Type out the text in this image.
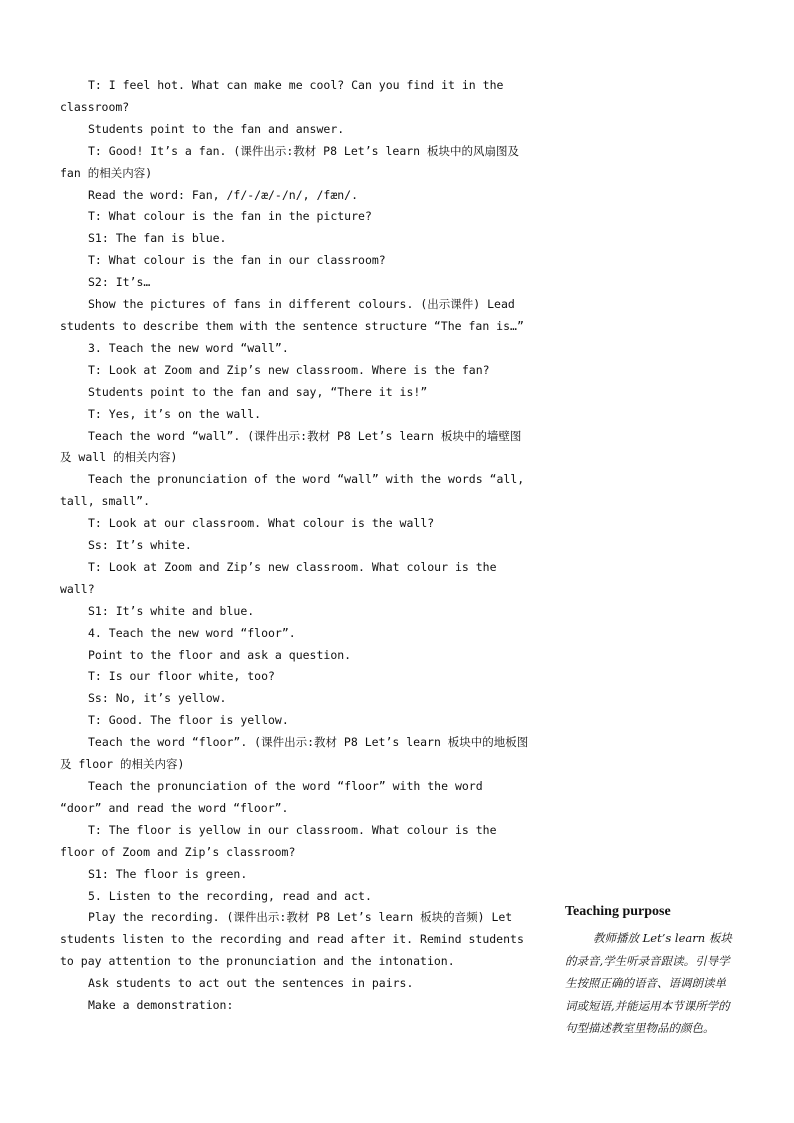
T: I feel hot. What can make me cool? Can you find it in the classroom?

Students point to the fan and answer.

T: Good! It’s a fan. (课件出示:教材 P8 Let’s learn 板块中的风扇图及 fan 的相关内容)

Read the word: Fan, /f/-/æ/-/n/, /fæn/.

T: What colour is the fan in the picture?

S1: The fan is blue.

T: What colour is the fan in our classroom?

S2: It’s…

Show the pictures of fans in different colours. (出示课件) Lead students to describe them with the sentence structure “The fan is…”

3. Teach the new word “wall”.

T: Look at Zoom and Zip’s new classroom. Where is the fan?

Students point to the fan and say, “There it is!”

T: Yes, it’s on the wall.

Teach the word “wall”. (课件出示:教材 P8 Let’s learn 板块中的墙壁图及 wall 的相关内容)

Teach the pronunciation of the word “wall” with the words “all, tall, small”.

T: Look at our classroom. What colour is the wall?

Ss: It’s white.

T: Look at Zoom and Zip’s new classroom. What colour is the wall?

S1: It’s white and blue.

4. Teach the new word “floor”.

Point to the floor and ask a question.

T: Is our floor white, too?

Ss: No, it’s yellow.

T: Good. The floor is yellow.

Teach the word “floor”. (课件出示:教材 P8 Let’s learn 板块中的地板图及 floor 的相关内容)

Teach the pronunciation of the word “floor” with the word “door” and read the word “floor”.

T: The floor is yellow in our classroom. What colour is the floor of Zoom and Zip’s classroom?

S1: The floor is green.

5. Listen to the recording, read and act.

Play the recording. (课件出示:教材 P8 Let’s learn 板块的音频) Let students listen to the recording and read after it. Remind students to pay attention to the pronunciation and the intonation.

Ask students to act out the sentences in pairs.

Make a demonstration:

Teaching purpose

教师播放 Let’s learn 板块的录音,学生听录音跟读。引导学生按照正确的语音、语调朗读单词或短语,并能运用本节课所学的句型描述教室里物品的颜色。
